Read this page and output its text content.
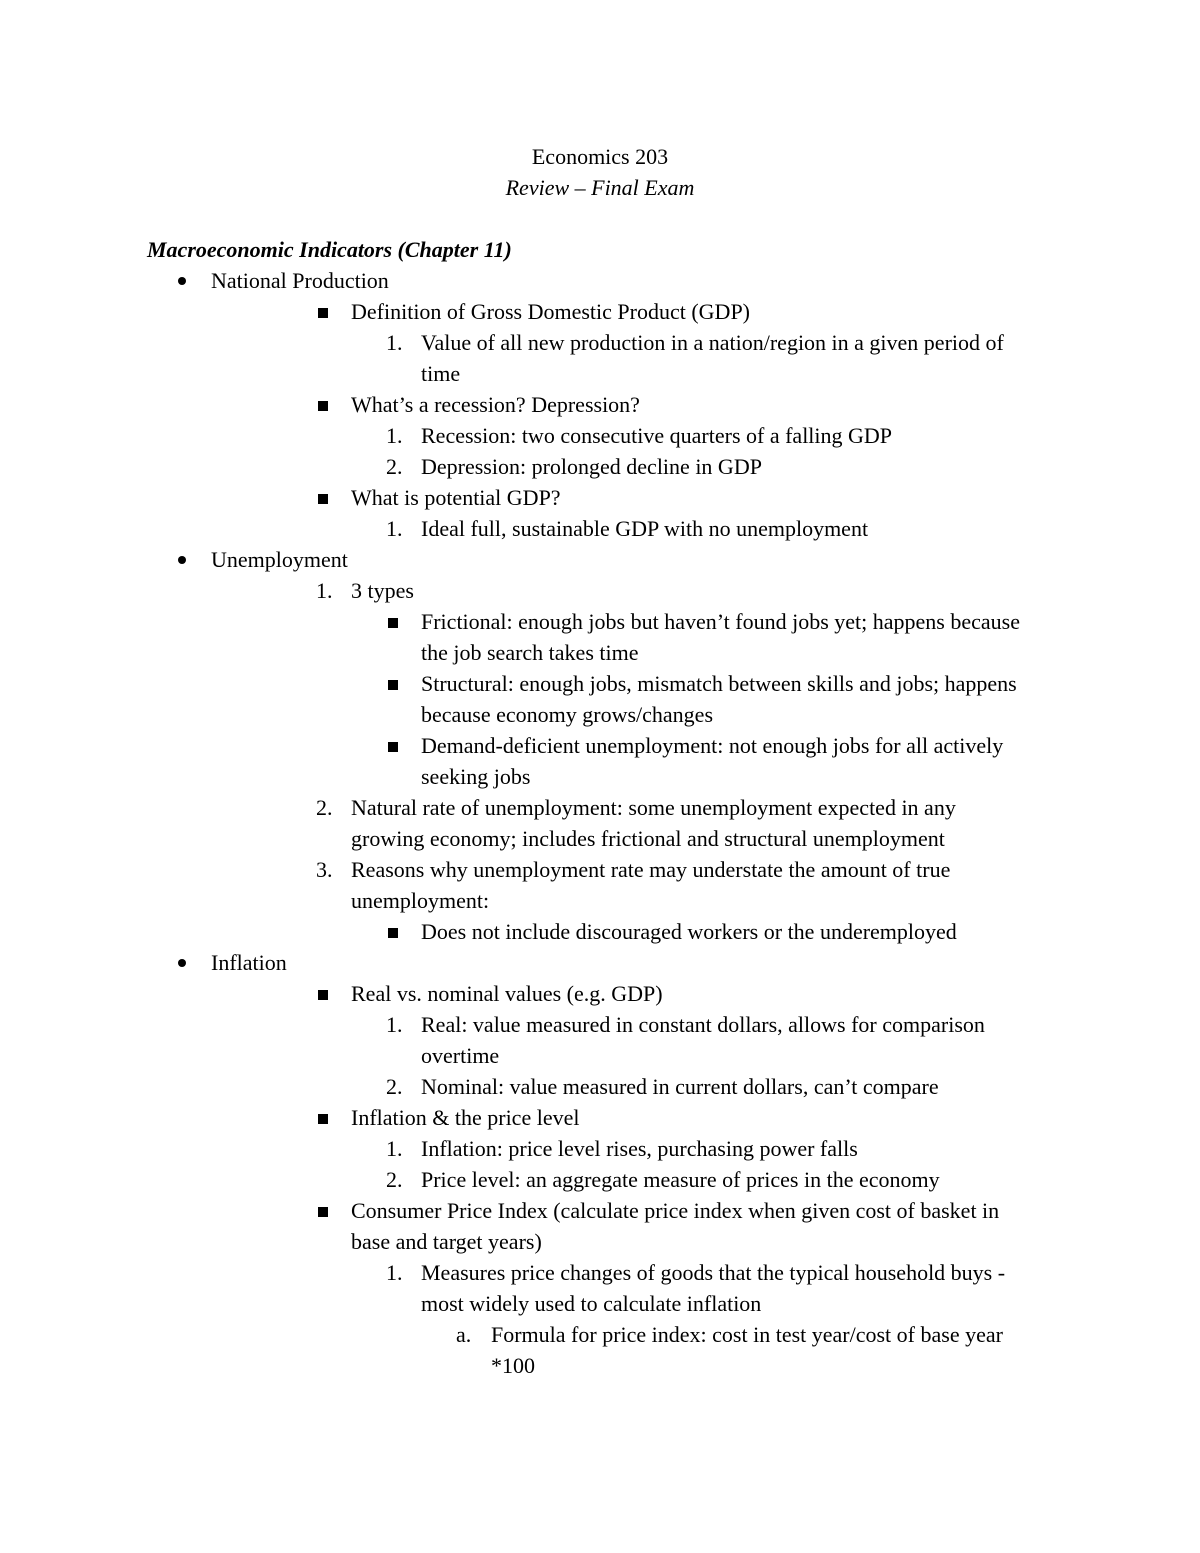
Economics 203
Review – Final Exam
Macroeconomic Indicators (Chapter 11)
National Production
Definition of Gross Domestic Product (GDP)
1. Value of all new production in a nation/region in a given period of time
What’s a recession? Depression?
1. Recession: two consecutive quarters of a falling GDP
2. Depression: prolonged decline in GDP
What is potential GDP?
1. Ideal full, sustainable GDP with no unemployment
Unemployment
1. 3 types
Frictional: enough jobs but haven’t found jobs yet; happens because the job search takes time
Structural: enough jobs, mismatch between skills and jobs; happens because economy grows/changes
Demand-deficient unemployment: not enough jobs for all actively seeking jobs
2. Natural rate of unemployment: some unemployment expected in any growing economy; includes frictional and structural unemployment
3. Reasons why unemployment rate may understate the amount of true unemployment:
Does not include discouraged workers or the underemployed
Inflation
Real vs. nominal values (e.g. GDP)
1. Real: value measured in constant dollars, allows for comparison overtime
2. Nominal: value measured in current dollars, can’t compare
Inflation & the price level
1. Inflation: price level rises, purchasing power falls
2. Price level: an aggregate measure of prices in the economy
Consumer Price Index (calculate price index when given cost of basket in base and target years)
1. Measures price changes of goods that the typical household buys - most widely used to calculate inflation
a. Formula for price index: cost in test year/cost of base year *100
